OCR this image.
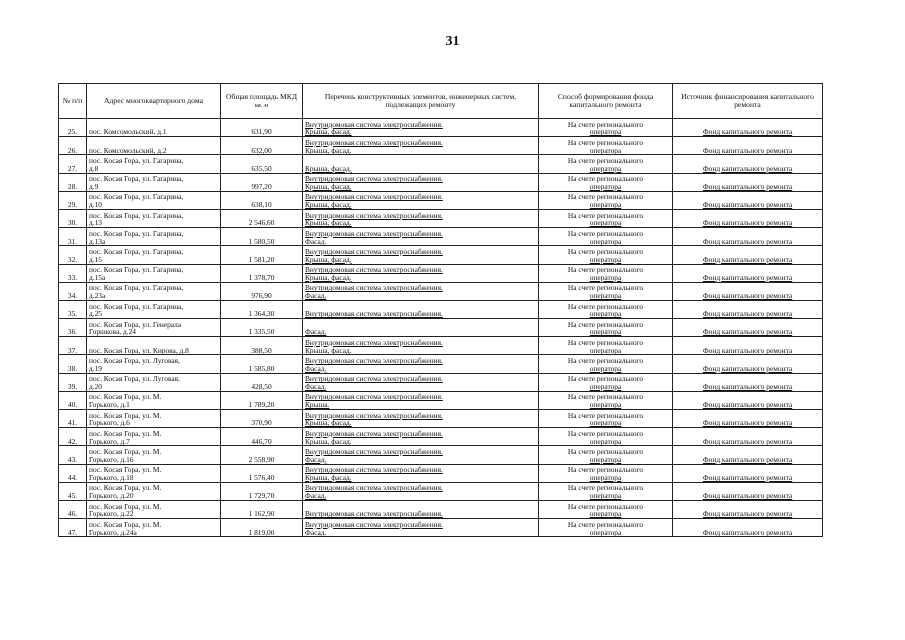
31
№ п/п	Адрес многоквартирного дома	Общая площадь МКД
кв. м	Перечень конструктивных элементов, инженерных систем, подлежащих ремонту	Способ формирования фонда капитального ремонта	Источник финансирования капитального ремонта
25.	пос. Комсомольский, д.1	631,90	Внутридомовая система электроснабжения.
Крыша, фасад.	На счете регионального
оператора	Фонд капитального ремонта
26.	пос. Комсомольский, д.2	632,00	Внутридомовая система электроснабжения.
Крыша, фасад.	На счете регионального
оператора	Фонд капитального ремонта
27.	пос. Косая Гора, ул. Гагарина,
д.8	635,50	Крыша, фасад.	На счете регионального
оператора	Фонд капитального ремонта
28.	пос. Косая Гора, ул. Гагарина,
д.9	997,20	Внутридомовая система электроснабжения.
Крыша, фасад.	На счете регионального
оператора	Фонд капитального ремонта
29.	пос. Косая Гора, ул. Гагарина,
д.10	638,10	Внутридомовая система электроснабжения.
Крыша, фасад.	На счете регионального
оператора	Фонд капитального ремонта
30.	пос. Косая Гора, ул. Гагарина,
д.13	2 546,60	Внутридомовая система электроснабжения.
Крыша, фасад.	На счете регионального
оператора	Фонд капитального ремонта
31.	пос. Косая Гора, ул. Гагарина,
д.13а	1 580,50	Внутридомовая система электроснабжения.
Фасад.	На счете регионального
оператора	Фонд капитального ремонта
32.	пос. Косая Гора, ул. Гагарина,
д.15	1 581,20	Внутридомовая система электроснабжения.
Крыша, фасад.	На счете регионального
оператора	Фонд капитального ремонта
33.	пос. Косая Гора, ул. Гагарина,
д.15а	1 378,70	Внутридомовая система электроснабжения.
Крыша, фасад.	На счете регионального
оператора	Фонд капитального ремонта
34.	пос. Косая Гора, ул. Гагарина,
д.23а	976,90	Внутридомовая система электроснабжения.
Фасад.	На счете регионального
оператора	Фонд капитального ремонта
35.	пос. Косая Гора, ул. Гагарина,
д.25	1 364,30	Внутридомовая система электроснабжения.	На счете регионального
оператора	Фонд капитального ремонта
36.	пос. Косая Гора, ул. Генерала
Горшкова, д.24	1 335,50	Фасад.	На счете регионального
оператора	Фонд капитального ремонта
37.	пос. Косая Гора, ул. Кирова, д.8	388,50	Внутридомовая система электроснабжения.
Крыша, фасад.	На счете регионального
оператора	Фонд капитального ремонта
38.	пос. Косая Гора, ул. Луговая,
д.19	1 585,80	Внутридомовая система электроснабжения.
Фасад.	На счете регионального
оператора	Фонд капитального ремонта
39.	пос. Косая Гора, ул. Луговая,
д.20	428,50	Внутридомовая система электроснабжения.
Фасад.	На счете регионального
оператора	Фонд капитального ремонта
40.	пос. Косая Гора, ул. М.
Горького, д.1	1 789,20	Внутридомовая система электроснабжения.
Крыша.	На счете регионального
оператора	Фонд капитального ремонта
41.	пос. Косая Гора, ул. М.
Горького, д.6	370,90	Внутридомовая система электроснабжения.
Крыша, фасад.	На счете регионального
оператора	Фонд капитального ремонта
42.	пос. Косая Гора, ул. М.
Горького, д.7	446,70	Внутридомовая система электроснабжения.
Крыша, фасад.	На счете регионального
оператора	Фонд капитального ремонта
43.	пос. Косая Гора, ул. М.
Горького, д.16	2 558,90	Внутридомовая система электроснабжения.
Фасад.	На счете регионального
оператора	Фонд капитального ремонта
44.	пос. Косая Гора, ул. М.
Горького, д.18	1 576,40	Внутридомовая система электроснабжения.
Крыша, фасад.	На счете регионального
оператора	Фонд капитального ремонта
45.	пос. Косая Гора, ул. М.
Горького, д.20	1 729,70	Внутридомовая система электроснабжения.
Фасад.	На счете регионального
оператора	Фонд капитального ремонта
46.	пос. Косая Гора, ул. М.
Горького, д.22	1 162,90	Внутридомовая система электроснабжения.	На счете регионального
оператора	Фонд капитального ремонта
47.	пос. Косая Гора, ул. М.
Горького, д.24а	1 819,00	Внутридомовая система электроснабжения.
Фасад.	На счете регионального
оператора	Фонд капитального ремонта
